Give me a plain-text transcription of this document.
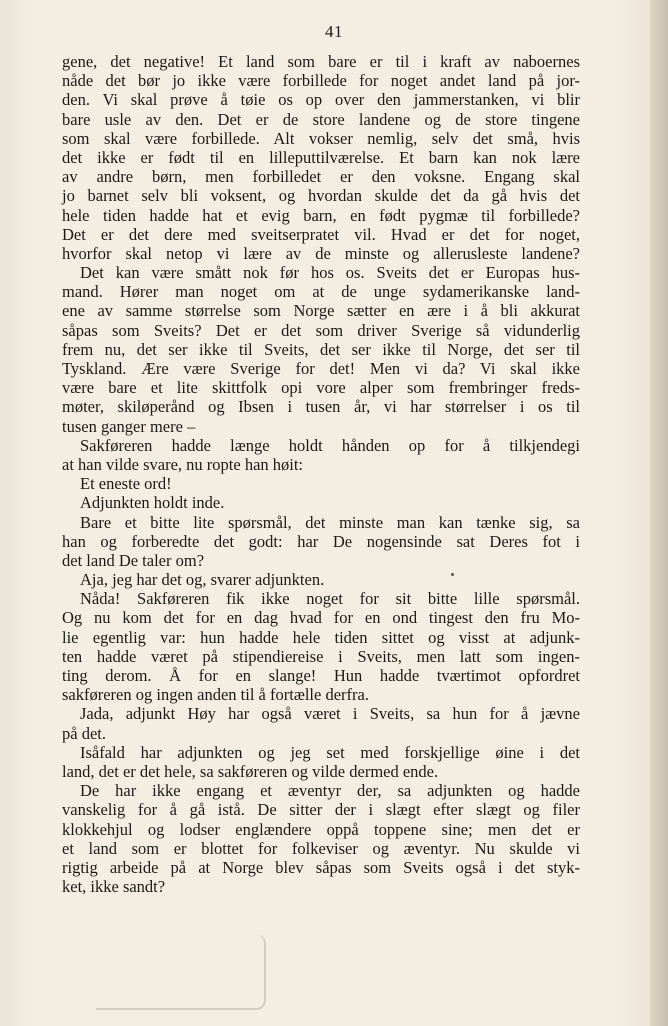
41
gene, det negative! Et land som bare er til i kraft av naboernes
nåde det bør jo ikke være forbillede for noget andet land på jor-
den. Vi skal prøve å tøie os op over den jammerstanken, vi blir
bare usle av den. Det er de store landene og de store tingene
som skal være forbillede. Alt vokser nemlig, selv det små, hvis
det ikke er født til en lilleputtilværelse. Et barn kan nok lære
av andre børn, men forbilledet er den voksne. Engang skal
jo barnet selv bli voksent, og hvordan skulde det da gå hvis det
hele tiden hadde hat et evig barn, en født pygmæ til forbillede?
Det er det dere med sveitserpratet vil. Hvad er det for noget,
hvorfor skal netop vi lære av de minste og allerusleste landene?
Det kan være smått nok før hos os. Sveits det er Europas hus-
mand. Hører man noget om at de unge sydamerikanske land-
ene av samme størrelse som Norge sætter en ære i å bli akkurat
såpas som Sveits? Det er det som driver Sverige så vidunderlig
frem nu, det ser ikke til Sveits, det ser ikke til Norge, det ser til
Tyskland. Ære være Sverige for det! Men vi da? Vi skal ikke
være bare et lite skittfolk opi vore alper som frembringer freds-
møter, skiløperånd og Ibsen i tusen år, vi har størrelser i os til
tusen ganger mere –
Sakføreren hadde længe holdt hånden op for å tilkjendegi
at han vilde svare, nu ropte han høit:
Et eneste ord!
Adjunkten holdt inde.
Bare et bitte lite spørsmål, det minste man kan tænke sig, sa
han og forberedte det godt: har De nogensinde sat Deres fot i
det land De taler om?
Aja, jeg har det og, svarer adjunkten.
Nåda! Sakføreren fik ikke noget for sit bitte lille spørsmål.
Og nu kom det for en dag hvad for en ond tingest den fru Mo-
lie egentlig var: hun hadde hele tiden sittet og visst at adjunk-
ten hadde været på stipendiereise i Sveits, men latt som ingen-
ting derom. Å for en slange! Hun hadde tværtimot opfordret
sakføreren og ingen anden til å fortælle derfra.
Jada, adjunkt Høy har også været i Sveits, sa hun for å jævne
på det.
Isåfald har adjunkten og jeg set med forskjellige øine i det
land, det er det hele, sa sakføreren og vilde dermed ende.
De har ikke engang et æventyr der, sa adjunkten og hadde
vanskelig for å gå istå. De sitter der i slægt efter slægt og filer
klokkehjul og lodser englændere oppå toppene sine; men det er
et land som er blottet for folkeviser og æventyr. Nu skulde vi
rigtig arbeide på at Norge blev såpas som Sveits også i det styk-
ket, ikke sandt?
